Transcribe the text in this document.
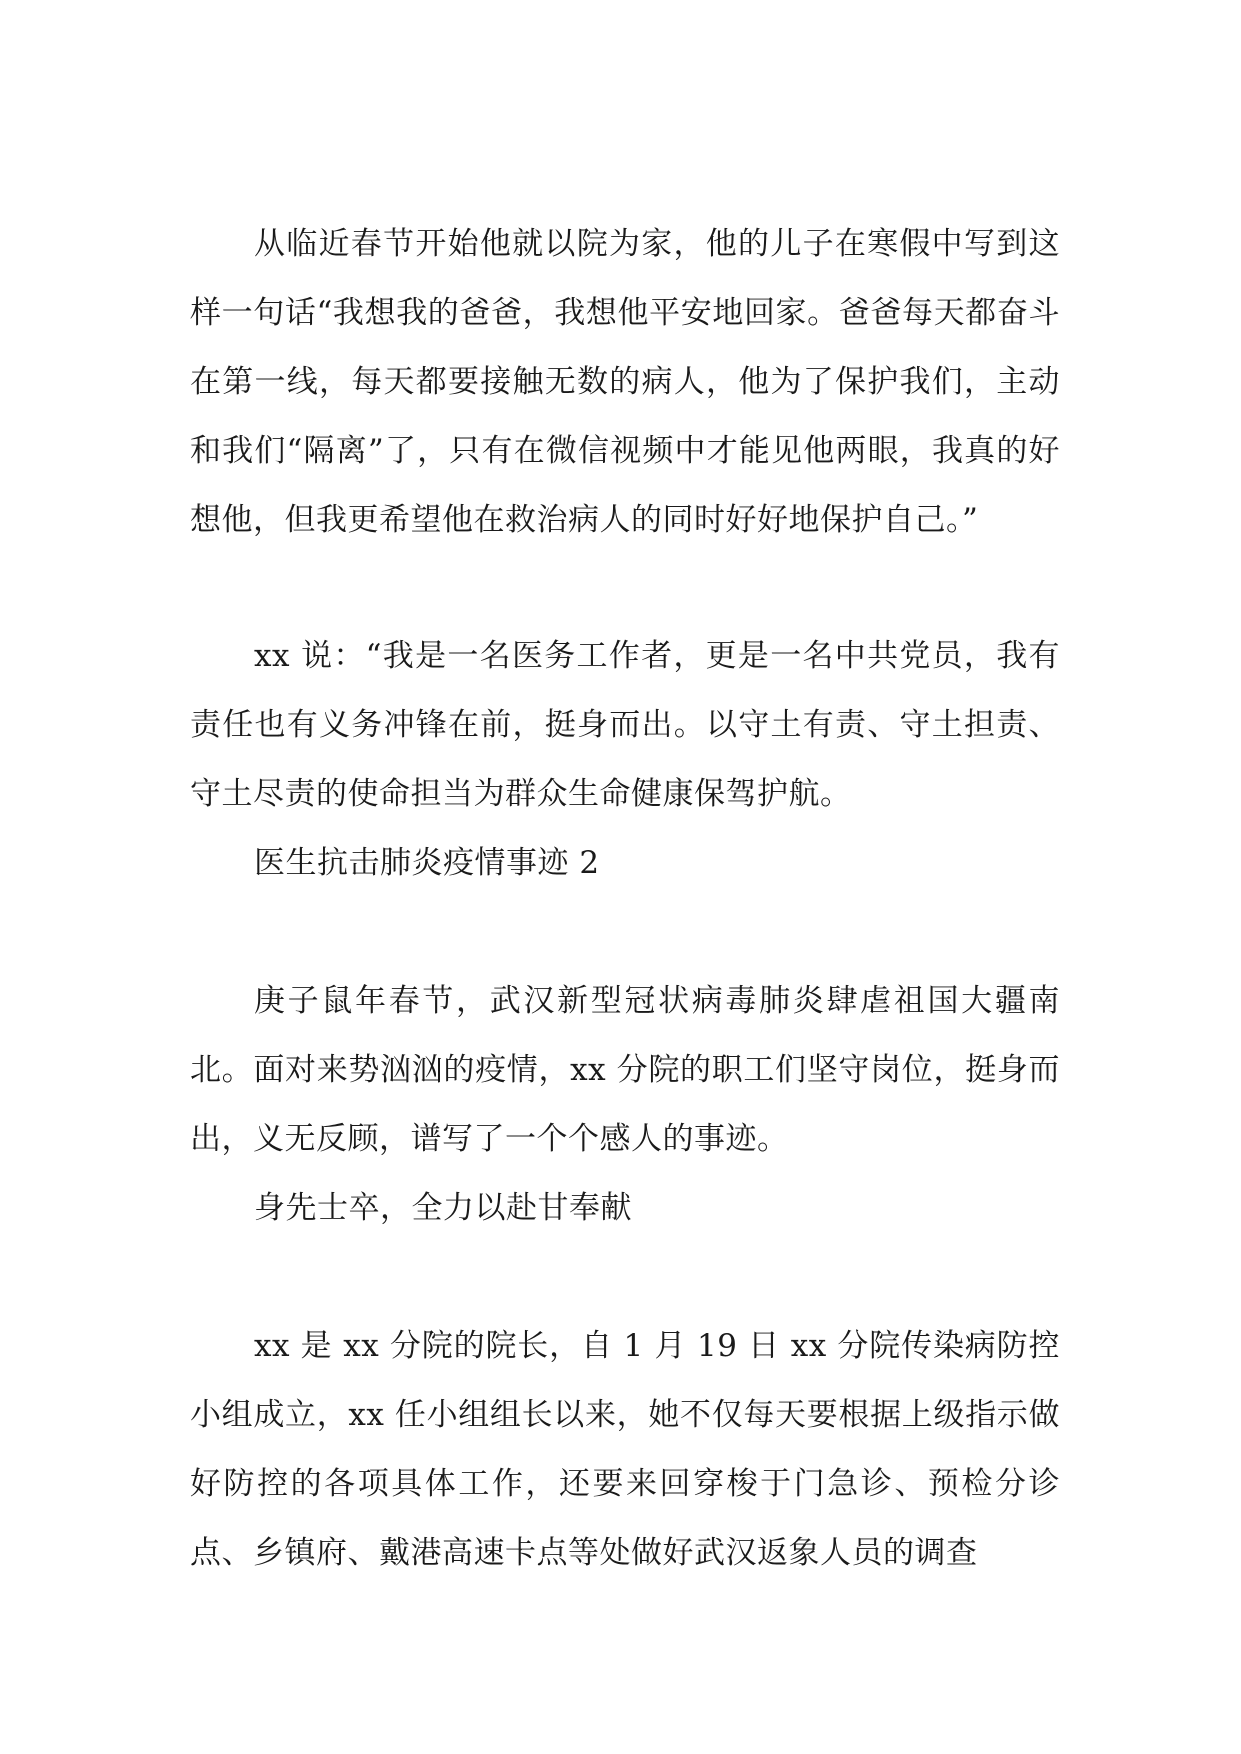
从临近春节开始他就以院为家，他的儿子在寒假中写到这样一句话“我想我的爸爸，我想他平安地回家。爸爸每天都奋斗在第一线，每天都要接触无数的病人，他为了保护我们，主动和我们“隔离”了，只有在微信视频中才能见他两眼，我真的好想他，但我更希望他在救治病人的同时好好地保护自己。”

xx 说：“我是一名医务工作者，更是一名中共党员，我有责任也有义务冲锋在前，挺身而出。以守土有责、守土担责、守土尽责的使命担当为群众生命健康保驾护航。

医生抗击肺炎疫情事迹 2

庚子鼠年春节，武汉新型冠状病毒肺炎肆虐祖国大疆南北。面对来势汹汹的疫情，xx 分院的职工们坚守岗位，挺身而出，义无反顾，谱写了一个个感人的事迹。

身先士卒，全力以赴甘奉献

xx 是 xx 分院的院长，自 1 月 19 日 xx 分院传染病防控小组成立，xx 任小组组长以来，她不仅每天要根据上级指示做好防控的各项具体工作，还要来回穿梭于门急诊、预检分诊点、乡镇府、戴港高速卡点等处做好武汉返象人员的调查
